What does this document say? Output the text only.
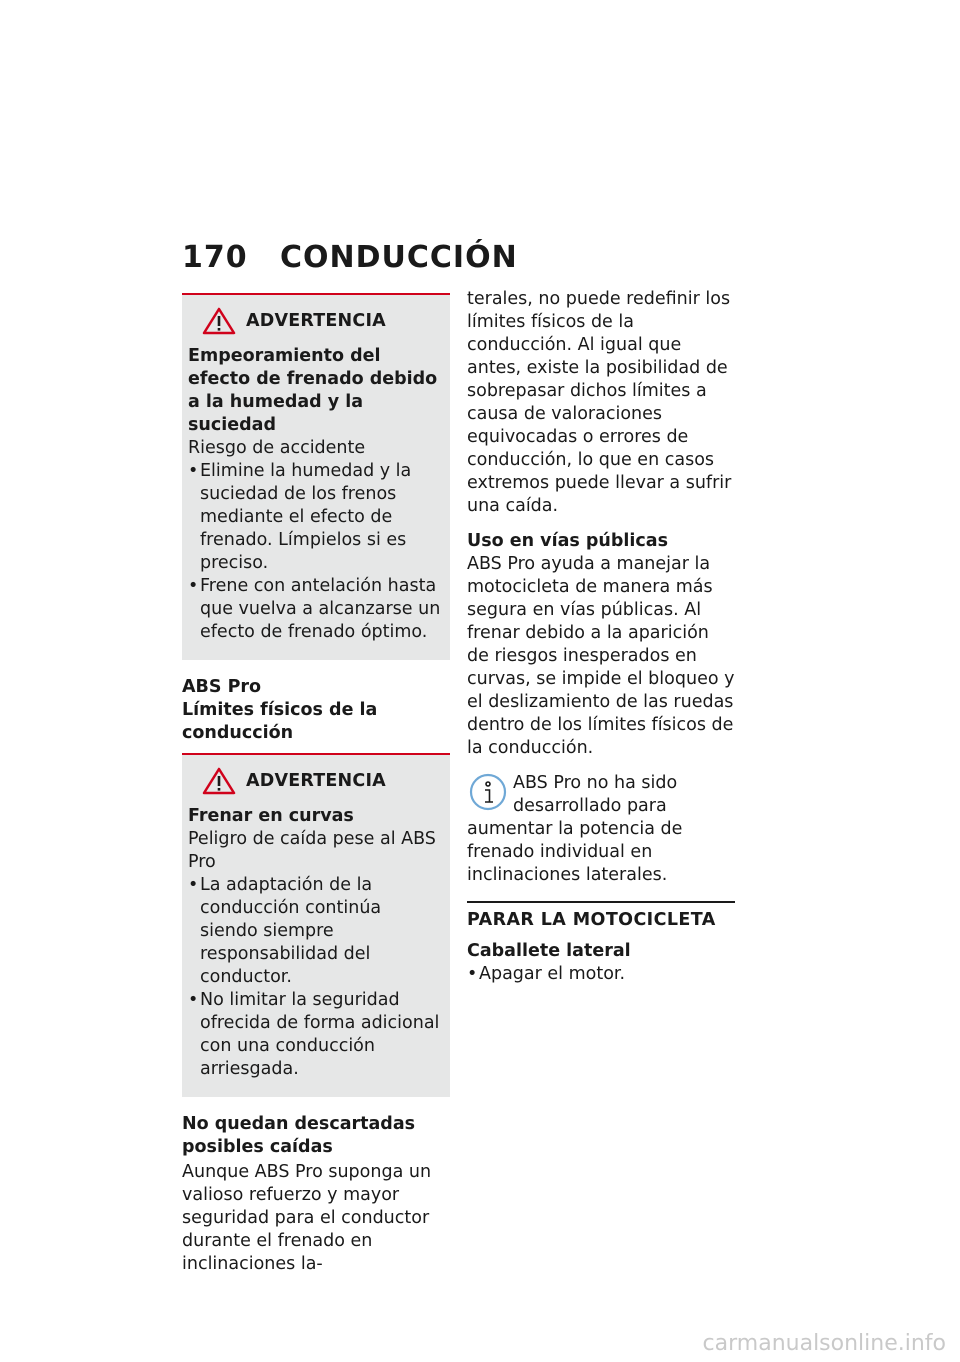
170 CONDUCCIÓN
ADVERTENCIA
Empeoramiento del efecto de frenado debido a la humedad y la suciedad
Riesgo de accidente
• Elimine la humedad y la suciedad de los frenos mediante el efecto de frenado. Límpielos si es preciso.
• Frene con antelación hasta que vuelva a alcanzarse un efecto de frenado óptimo.
ABS Pro
Límites físicos de la conducción
ADVERTENCIA
Frenar en curvas
Peligro de caída pese al ABS Pro
• La adaptación de la conducción continúa siendo siempre responsabilidad del conductor.
• No limitar la seguridad ofrecida de forma adicional con una conducción arriesgada.
No quedan descartadas posibles caídas
Aunque ABS Pro suponga un valioso refuerzo y mayor seguridad para el conductor durante el frenado en inclinaciones la-
terales, no puede redefinir los límites físicos de la conducción. Al igual que antes, existe la posibilidad de sobrepasar dichos límites a causa de valoraciones equivocadas o errores de conducción, lo que en casos extremos puede llevar a sufrir una caída.
Uso en vías públicas
ABS Pro ayuda a manejar la motocicleta de manera más segura en vías públicas. Al frenar debido a la aparición de riesgos inesperados en curvas, se impide el bloqueo y el deslizamiento de las ruedas dentro de los límites físicos de la conducción.
ABS Pro no ha sido desarrollado para aumentar la potencia de frenado individual en inclinaciones laterales.
PARAR LA MOTOCICLETA
Caballete lateral
• Apagar el motor.
carmanualsonline.info
